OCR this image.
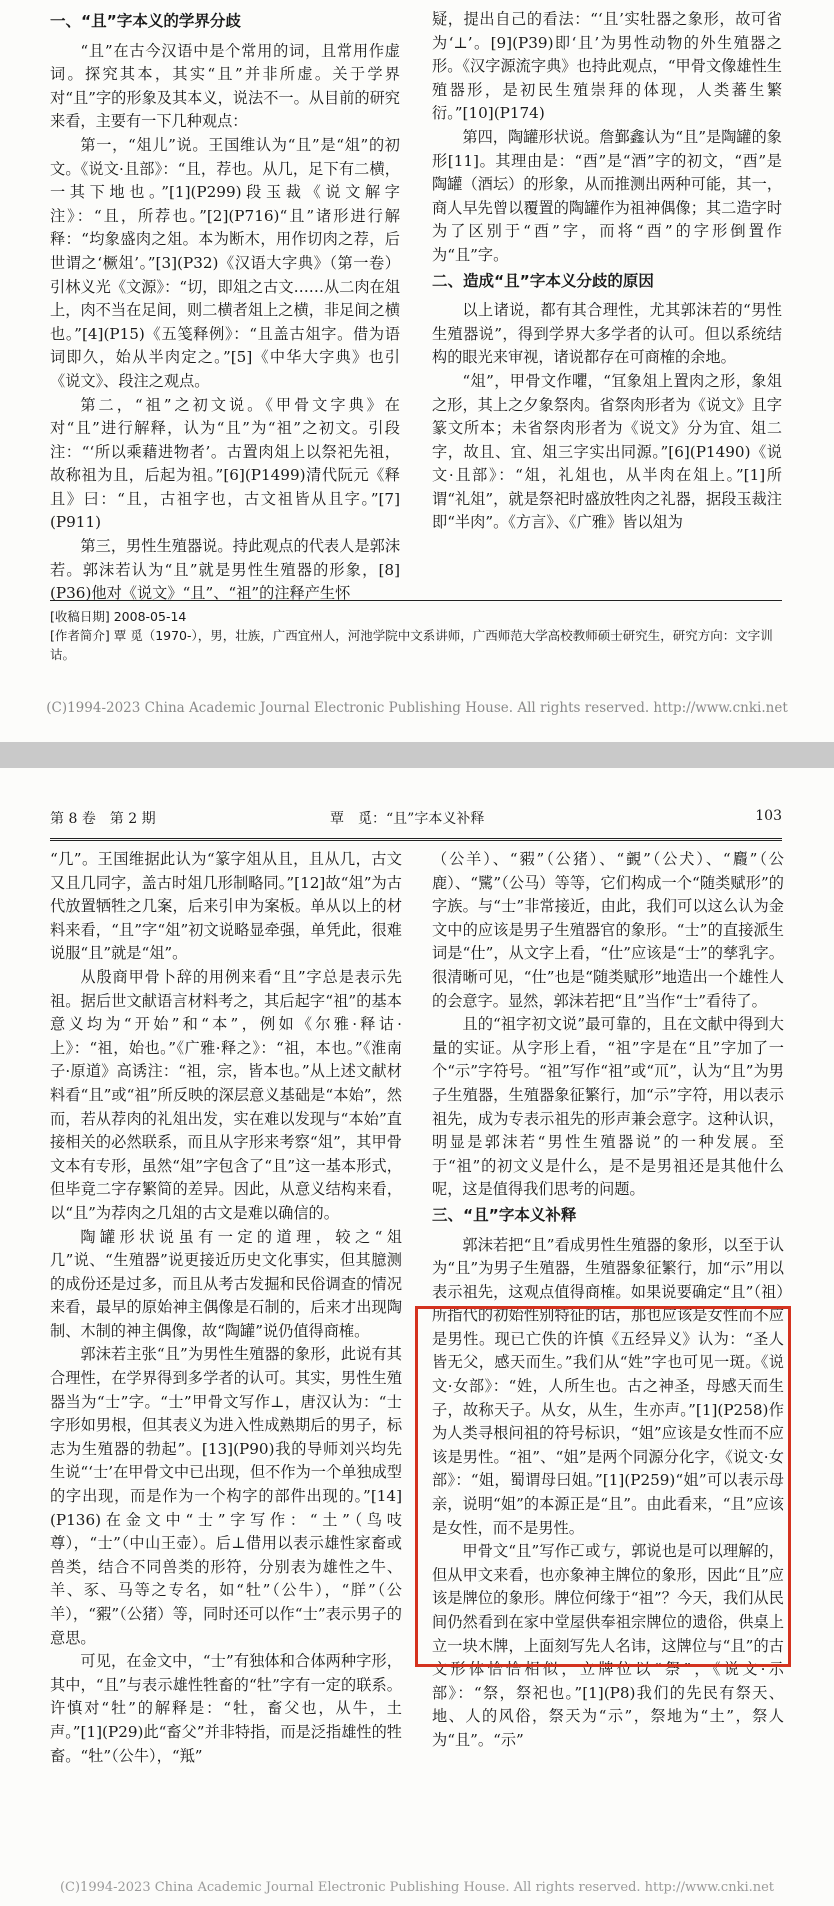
一、“且”字本义的学界分歧

“且”在古今汉语中是个常用的词，且常用作虚词。探究其本，其实“且”并非所虚。关于学界对“且”字的形象及其本义，说法不一。从目前的研究来看，主要有一下几种观点：

第一，“俎儿”说。王国维认为“且”是“俎”的初文。《说文·且部》：“且，荐也。从几，足下有二横，一其下地也。”[1](P299)段玉裁《说文解字注》：“且，所荐也。”[2](P716)“且”诸形进行解释：“均象盛肉之俎。本为断木，用作切肉之荐，后世谓之‘橛俎’。”[3](P32)《汉语大字典》（第一卷）引林义光《文源》：“切，即俎之古文……从二肉在俎上，肉不当在足间，则二横者俎上之横，非足间之横也。”[4](P15)《五笺释例》：“且盖古俎字。借为语词即久，始从半肉定之。”[5]《中华大字典》也引《说文》、段注之观点。

第二，“祖”之初文说。《甲骨文字典》在对“且”进行解释，认为“且”为“祖”之初文。引段注：“‘所以乘藉进物者’。古置肉俎上以祭祀先祖，故称祖为且，后起为祖。”[6](P1499)清代阮元《释且》曰：“且，古祖字也，古文祖皆从且字。”[7](P911)

第三，男性生殖器说。持此观点的代表人是郭沫若。郭沫若认为“且”就是男性生殖器的形象，[8](P36)他对《说文》“且”、“祖”的注释产生怀

疑，提出自己的看法：“‘且’实牡器之象形，故可省为‘⊥’。[9](P39)即‘且’为男性动物的外生殖器之形。《汉字源流字典》也持此观点，“甲骨文像雄性生殖器形，是初民生殖崇拜的体现，人类蕃生繁衍。”[10](P174)

第四，陶罐形状说。詹鄞鑫认为“且”是陶罐的象形[11]。其理由是：“酉”是“酒”字的初文，“酉”是陶罐（酒坛）的形象，从而推测出两种可能，其一，商人早先曾以覆置的陶罐作为祖神偶像；其二造字时为了区别于“酉”字，而将“酉”的字形倒置作为“且”字。

二、造成“且”字本义分歧的原因

以上诸说，都有其合理性，尤其郭沫若的“男性生殖器说”，得到学界大多学者的认可。但以系统结构的眼光来审视，诸说都存在可商榷的余地。

“俎”，甲骨文作㘗，“冝象俎上置肉之形，象俎之形，其上之夕象祭肉。省祭肉形者为《说文》且字篆文所本；未省祭肉形者为《说文》分为宜、俎二字，故且、宜、俎三字实出同源。”[6](P1490)《说文·且部》：“俎，礼俎也，从半肉在俎上。”[1]所谓“礼俎”，就是祭祀时盛放牲肉之礼器，据段玉裁注即“半肉”。《方言》、《广雅》皆以俎为

[收稿日期] 2008-05-14
[作者简介] 覃 觅（1970-），男，壮族，广西宜州人，河池学院中文系讲师，广西师范大学高校教师硕士研究生，研究方向：文字训诂。
(C)1994-2023 China Academic Journal Electronic Publishing House. All rights reserved. http://www.cnki.net
第 8 卷　第 2 期	覃　觅：“且”字本义补释	103

“几”。王国维据此认为“篆字俎从且，且从几，古文又且几同字，盖古时俎几形制略同。”[12]故“俎”为古代放置牺牲之几案，后来引申为案板。单从以上的材料来看，“且”字“俎”初文说略显牵强，单凭此，很难说服“且”就是“俎”。

从殷商甲骨卜辞的用例来看“且”字总是表示先祖。据后世文献语言材料考之，其后起字“祖”的基本意义均为“开始”和“本”，例如《尔雅·释诂·上》：“祖，始也。”《广雅·释之》：“祖，本也。”《淮南子·原道》高诱注：“祖，宗，皆本也。”从上述文献材料看“且”或“祖”所反映的深层意义基础是“本始”，然而，若从荐肉的礼俎出发，实在难以发现与“本始”直接相关的必然联系，而且从字形来考察“俎”，其甲骨文本有专形，虽然“俎”字包含了“且”这一基本形式，但毕竟二字存繁简的差异。因此，从意义结构来看，以“且”为荐肉之几俎的古文是难以确信的。

陶罐形状说虽有一定的道理，较之“俎几”说、“生殖器”说更接近历史文化事实，但其臆测的成份还是过多，而且从考古发掘和民俗调查的情况来看，最早的原始神主偶像是石制的，后来才出现陶制、木制的神主偶像，故“陶罐”说仍值得商榷。

郭沫若主张“且”为男性生殖器的象形，此说有其合理性，在学界得到多学者的认可。其实，男性生殖器当为“士”字。“士”甲骨文写作⊥，唐汉认为：“士字形如男根，但其表义为进入性成熟期后的男子，标志为生殖器的勃起”。[13](P90)我的导师刘兴均先生说“‘士’在甲骨文中已出现，但不作为一个单独成型的字出现，而是作为一个构字的部件出现的。”[14](P136)在金文中“士”字写作：“土”（鸟吱尊），“士”（中山王壶）。后⊥借用以表示雄性家畜或兽类，结合不同兽类的形符，分别表为雄性之牛、羊、豕、马等之专名，如“牡”（公牛），“羘”（公羊），“豭”（公猪）等，同时还可以作“士”表示男子的意思。

可见，在金文中，“士”有独体和合体两种字形，其中，“且”与表示雄性牲畜的“牡”字有一定的联系。许慎对“牡”的解释是：“牡，畜父也，从牛，土声。”[1](P29)此“畜父”并非特指，而是泛指雄性的牲畜。“牡”（公牛），“羝”

（公羊）、“豭”（公猪）、“䚒”（公犬）、“麚”（公鹿）、“騭”（公马）等等，它们构成一个“随类赋形”的字族。与“士”非常接近，由此，我们可以这么认为金文中的应该是男子生殖器官的象形。“士”的直接派生词是“仕”，从文字上看，“仕”应该是“士”的孳乳字。很清晰可见，“仕”也是“随类赋形”地造出一个雄性人的会意字。显然，郭沫若把“且”当作“士”看待了。

且的“祖字初文说”最可靠的，且在文献中得到大量的实证。从字形上看，“祖”字是在“且”字加了一个“示”字符号。“祖”写作“祖”或“𥘅”，认为“且”为男子生殖器，生殖器象征繁行，加“示”字符，用以表示祖先，成为专表示祖先的形声兼会意字。这种认识，明显是郭沫若“男性生殖器说”的一种发展。至于“祖”的初文义是什么，是不是男祖还是其他什么呢，这是值得我们思考的问题。

三、“且”字本义补释

郭沫若把“且”看成男性生殖器的象形，以至于认为“且”为男子生殖器，生殖器象征繁行，加“示”用以表示祖先，这观点值得商榷。如果说要确定“且”（祖）所指代的初始性别特征的话，那也应该是女性而不应是男性。现已亡佚的许慎《五经异义》认为：“圣人皆无父，感天而生。”我们从“姓”字也可见一斑。《说文·女部》：“姓，人所生也。古之神圣，母感天而生子，故称天子。从女，从生，生亦声。”[1](P258)作为人类寻根问祖的符号标识，“姐”应该是女性而不应该是男性。“祖”、“姐”是两个同源分化字，《说文·女部》：“姐，蜀谓母曰姐。”[1](P259)“姐”可以表示母亲，说明“姐”的本源正是“且”。由此看来，“且”应该是女性，而不是男性。

甲骨文“且”写作𠀀或𠀁，郭说也是可以理解的，但从甲文来看，也亦象神主牌位的象形，因此“且”应该是牌位的象形。牌位何缘于“祖”？今天，我们从民间仍然看到在家中堂屋供奉祖宗牌位的遗俗，供桌上立一块木牌，上面刻写先人名讳，这牌位与“且”的古文形体恰恰相似，立牌位以“祭”，《说文·示部》：“祭，祭祀也。”[1](P8)我们的先民有祭天、地、人的风俗，祭天为“示”，祭地为“土”，祭人为“且”。“示”

(C)1994-2023 China Academic Journal Electronic Publishing House. All rights reserved. http://www.cnki.net
